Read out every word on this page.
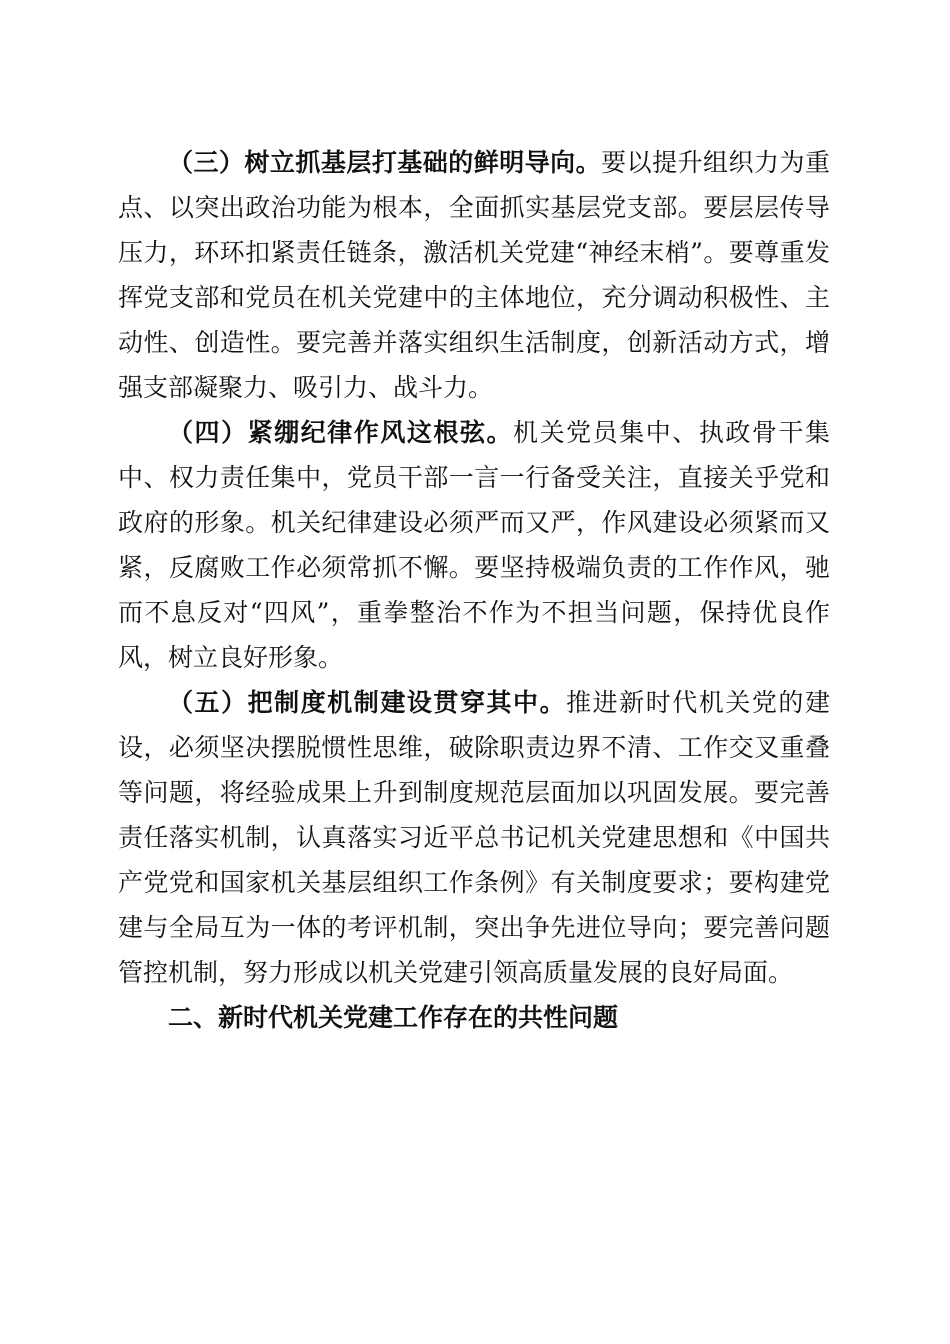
（三）树立抓基层打基础的鲜明导向。要以提升组织力为重点、以突出政治功能为根本，全面抓实基层党支部。要层层传导压力，环环扣紧责任链条，激活机关党建“神经末梢”。要尊重发挥党支部和党员在机关党建中的主体地位，充分调动积极性、主动性、创造性。要完善并落实组织生活制度，创新活动方式，增强支部凝聚力、吸引力、战斗力。

（四）紧绷纪律作风这根弦。机关党员集中、执政骨干集中、权力责任集中，党员干部一言一行备受关注，直接关乎党和政府的形象。机关纪律建设必须严而又严，作风建设必须紧而又紧，反腐败工作必须常抓不懈。要坚持极端负责的工作作风，驰而不息反对“四风”，重拳整治不作为不担当问题，保持优良作风，树立良好形象。

（五）把制度机制建设贯穿其中。推进新时代机关党的建设，必须坚决摆脱惯性思维，破除职责边界不清、工作交叉重叠等问题，将经验成果上升到制度规范层面加以巩固发展。要完善责任落实机制，认真落实习近平总书记机关党建思想和《中国共产党党和国家机关基层组织工作条例》有关制度要求；要构建党建与全局互为一体的考评机制，突出争先进位导向；要完善问题管控机制，努力形成以机关党建引领高质量发展的良好局面。

二、新时代机关党建工作存在的共性问题
